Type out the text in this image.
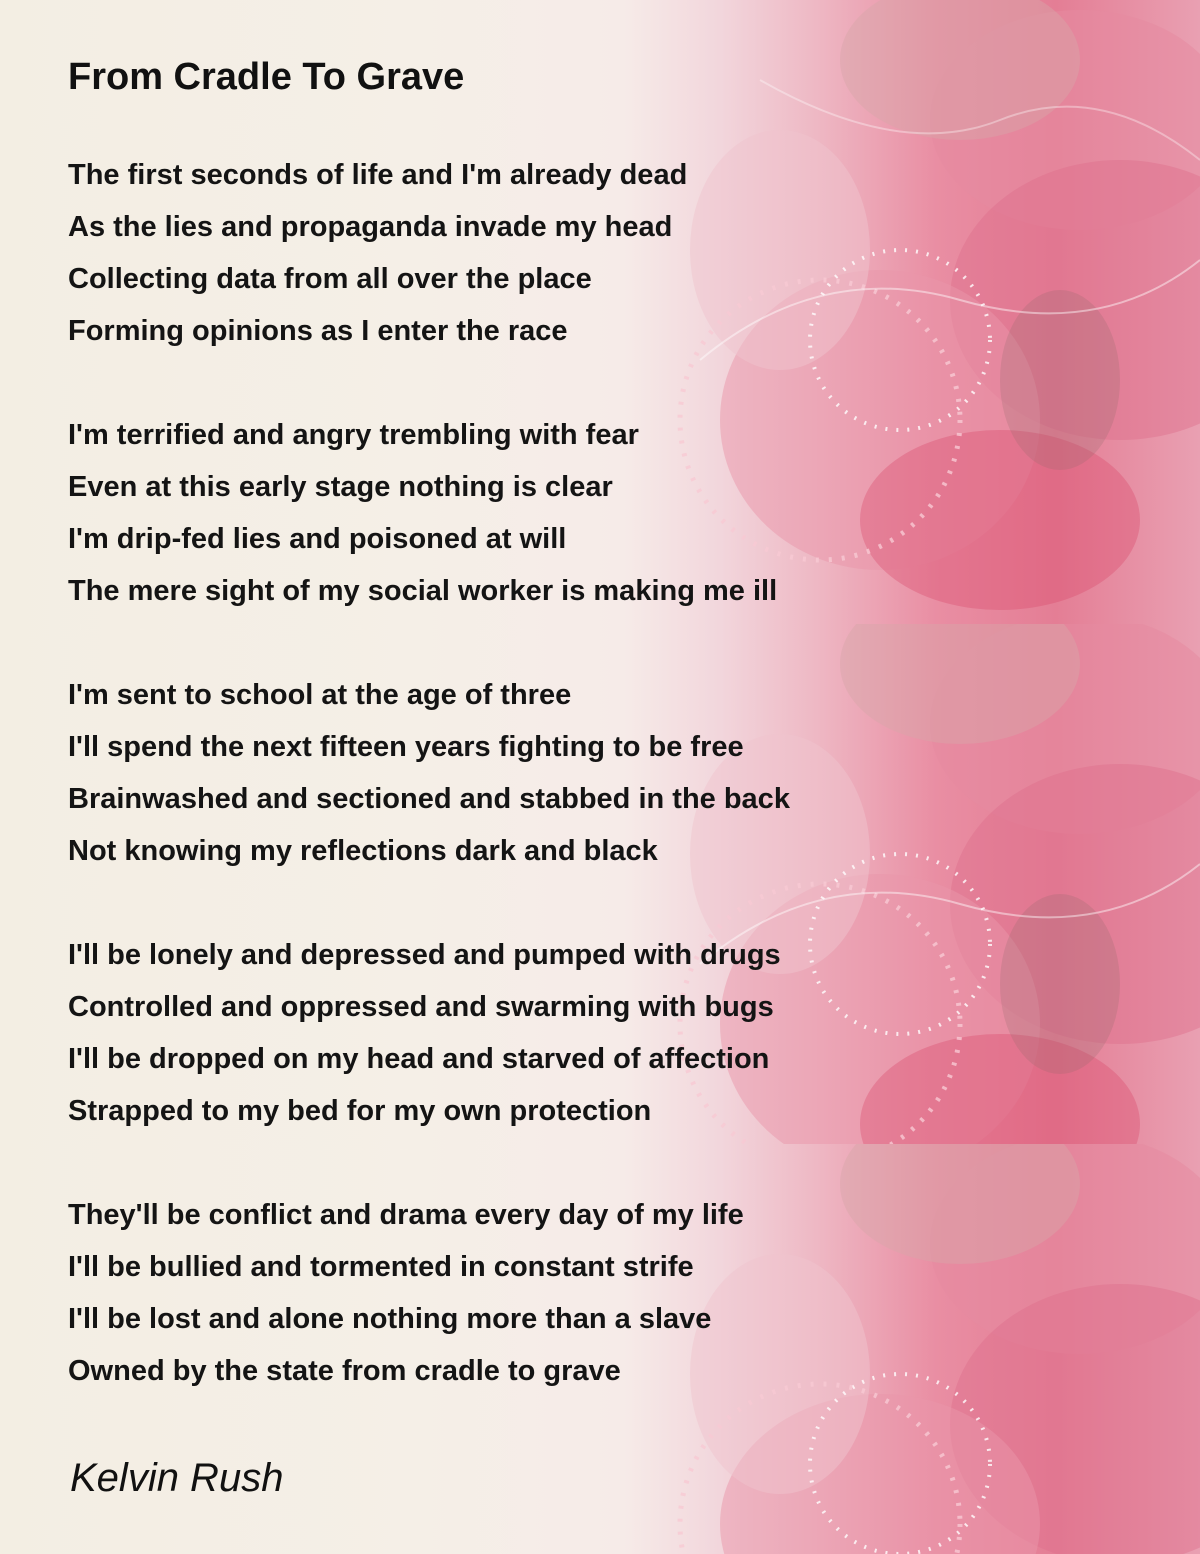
From Cradle To Grave
The first seconds of life and I'm already dead
As the lies and propaganda invade my head
Collecting data from all over the place
Forming opinions as I enter the race
I'm terrified and angry trembling with fear
Even at this early stage nothing is clear
I'm drip-fed lies and poisoned at will
The mere sight of my social worker is making me ill
I'm sent to school at the age of three
I'll spend the next fifteen years fighting to be free
Brainwashed and sectioned and stabbed in the back
Not knowing my reflections dark and black
I'll be lonely and depressed and pumped with drugs
Controlled and oppressed and swarming with bugs
I'll be dropped on my head and starved of affection
Strapped to my bed for my own protection
They'll be conflict and drama every day of my life
I'll be bullied and tormented in constant strife
I'll be lost and alone nothing more than a slave
Owned by the state from cradle to grave
Kelvin Rush
